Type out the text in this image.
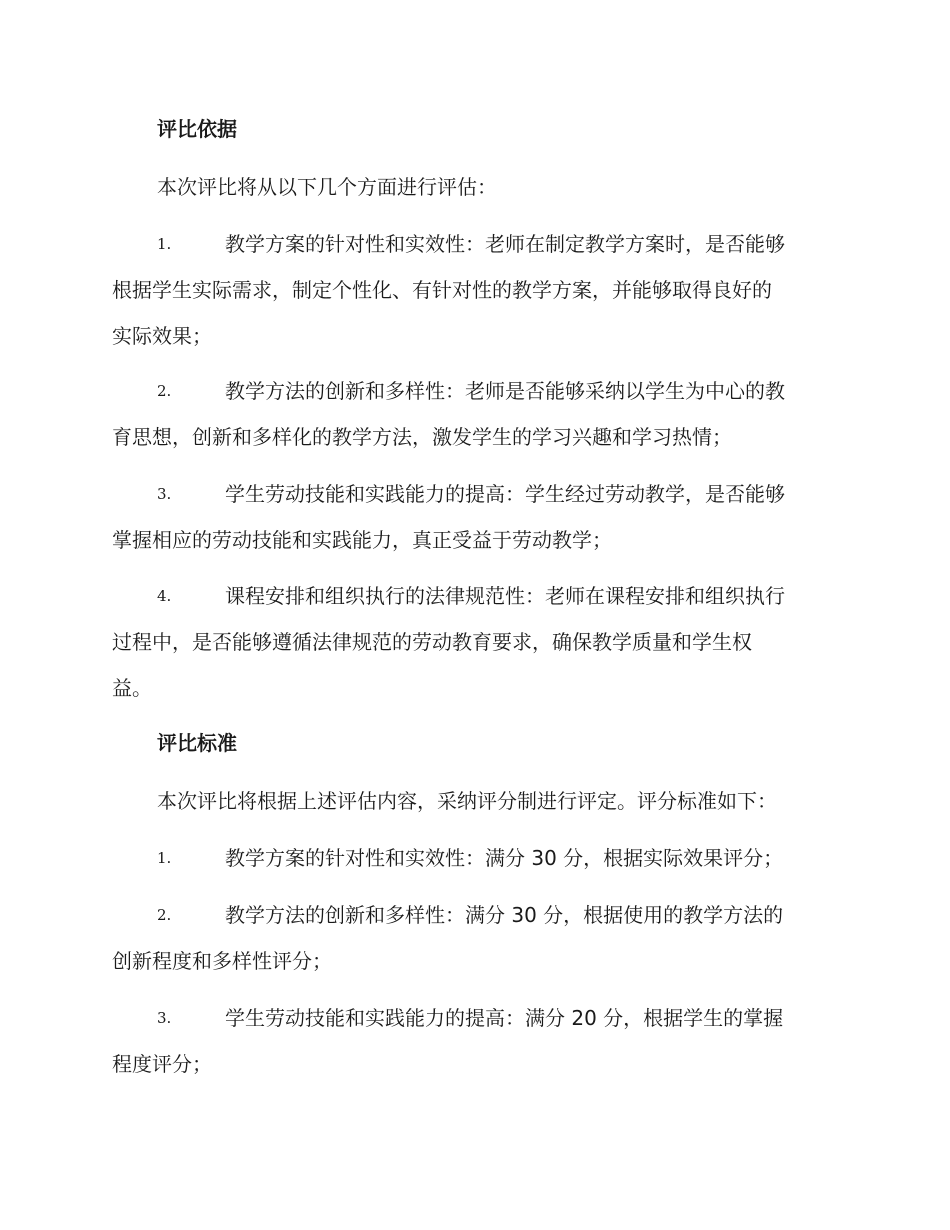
评比依据
本次评比将从以下几个方面进行评估：
1.	教学方案的针对性和实效性：老师在制定教学方案时，是否能够
根据学生实际需求，制定个性化、有针对性的教学方案，并能够取得良好的
实际效果；
2.	教学方法的创新和多样性：老师是否能够采纳以学生为中心的教
育思想，创新和多样化的教学方法，激发学生的学习兴趣和学习热情；
3.	学生劳动技能和实践能力的提高：学生经过劳动教学，是否能够
掌握相应的劳动技能和实践能力，真正受益于劳动教学；
4.	课程安排和组织执行的法律规范性：老师在课程安排和组织执行
过程中，是否能够遵循法律规范的劳动教育要求，确保教学质量和学生权
益。
评比标准
本次评比将根据上述评估内容，采纳评分制进行评定。评分标准如下：
1.	教学方案的针对性和实效性：满分 30 分，根据实际效果评分；
2.	教学方法的创新和多样性：满分 30 分，根据使用的教学方法的
创新程度和多样性评分；
3.	学生劳动技能和实践能力的提高：满分 20 分，根据学生的掌握
程度评分；
